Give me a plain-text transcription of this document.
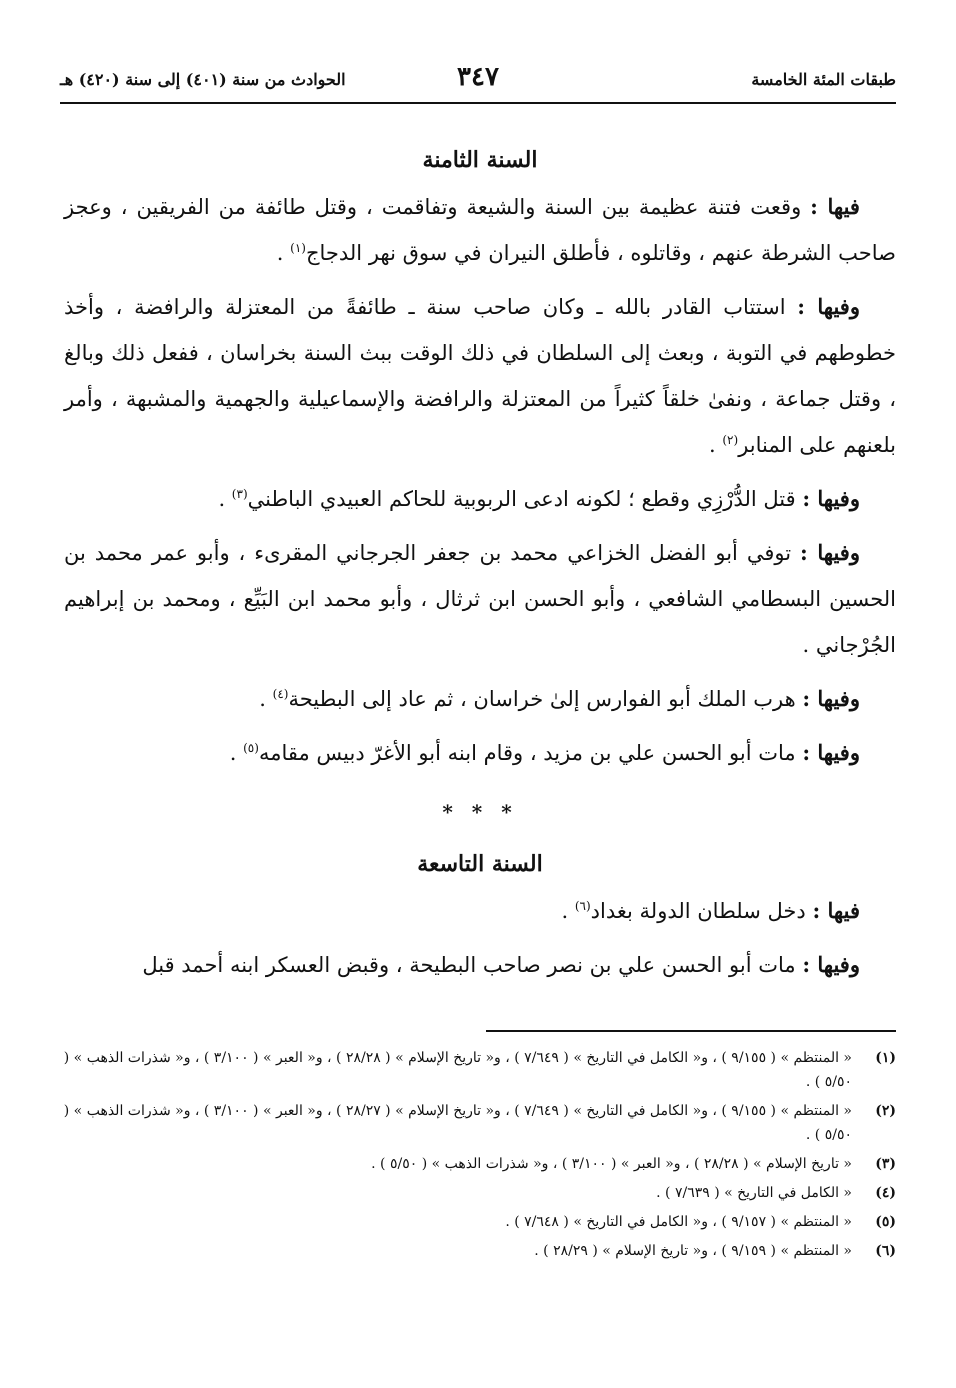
طبقات المئة الخامسة
٣٤٧
الحوادث من سنة (٤٠١) إلى سنة (٤٢٠) هـ
السنة الثامنة

فيها : وقعت فتنة عظيمة بين السنة والشيعة وتفاقمت ، وقتل طائفة من الفريقين ، وعجز صاحب الشرطة عنهم ، وقاتلوه ، فأطلق النيران في سوق نهر الدجاج$^{(١)}$ .

وفيها : استتاب القادر بالله ـ وكان صاحب سنة ـ طائفةً من المعتزلة والرافضة ، وأخذ خطوطهم في التوبة ، وبعث إلى السلطان في ذلك الوقت ببث السنة بخراسان ، ففعل ذلك وبالغ ، وقتل جماعة ، ونفىٰ خلقاً كثيراً من المعتزلة والرافضة والإسماعيلية والجهمية والمشبهة ، وأمر بلعنهم على المنابر$^{(٢)}$ .

وفيها : قتل الدُّرْزِي وقطع ؛ لكونه ادعى الربوبية للحاكم العبيدي الباطني$^{(٣)}$ .

وفيها : توفي أبو الفضل الخزاعي محمد بن جعفر الجرجاني المقرىء ، وأبو عمر محمد بن الحسين البسطامي الشافعي ، وأبو الحسن ابن ثرثال ، وأبو محمد ابن البَيِّع ، ومحمد بن إبراهيم الجُرْجاني .

وفيها : هرب الملك أبو الفوارس إلىٰ خراسان ، ثم عاد إلى البطيحة$^{(٤)}$ .

وفيها : مات أبو الحسن علي بن مزيد ، وقام ابنه أبو الأغرّ دبيس مقامه$^{(٥)}$ .

* * *
السنة التاسعة

فيها : دخل سلطان الدولة بغداد$^{(٦)}$ .

وفيها : مات أبو الحسن علي بن نصر صاحب البطيحة ، وقبض العسكر ابنه أحمد قبل

(١)
« المنتظم » ( ٩/١٥٥ ) ، و« الكامل في التاريخ » ( ٧/٦٤٩ ) ، و« تاريخ الإسلام » ( ٢٨/٢٨ ) ، و« العبر » ( ٣/١٠٠ ) ، و« شذرات الذهب » ( ٥/٥٠ ) .
(٢)
« المنتظم » ( ٩/١٥٥ ) ، و« الكامل في التاريخ » ( ٧/٦٤٩ ) ، و« تاريخ الإسلام » ( ٢٨/٢٧ ) ، و« العبر » ( ٣/١٠٠ ) ، و« شذرات الذهب » ( ٥/٥٠ ) .
(٣)
« تاريخ الإسلام » ( ٢٨/٢٨ ) ، و« العبر » ( ٣/١٠٠ ) ، و« شذرات الذهب » ( ٥/٥٠ ) .
(٤)
« الكامل في التاريخ » ( ٧/٦٣٩ ) .
(٥)
« المنتظم » ( ٩/١٥٧ ) ، و« الكامل في التاريخ » ( ٧/٦٤٨ ) .
(٦)
« المنتظم » ( ٩/١٥٩ ) ، و« تاريخ الإسلام » ( ٢٨/٢٩ ) .
